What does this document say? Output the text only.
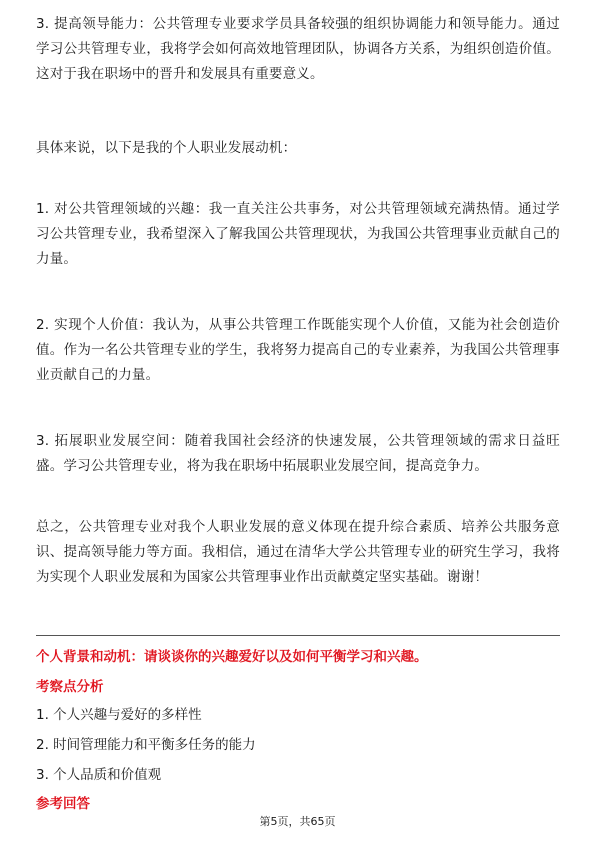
3. 提高领导能力：公共管理专业要求学员具备较强的组织协调能力和领导能力。通过学习公共管理专业，我将学会如何高效地管理团队，协调各方关系，为组织创造价值。这对于我在职场中的晋升和发展具有重要意义。

具体来说，以下是我的个人职业发展动机：

1. 对公共管理领域的兴趣：我一直关注公共事务，对公共管理领域充满热情。通过学习公共管理专业，我希望深入了解我国公共管理现状，为我国公共管理事业贡献自己的力量。

2. 实现个人价值：我认为，从事公共管理工作既能实现个人价值，又能为社会创造价值。作为一名公共管理专业的学生，我将努力提高自己的专业素养，为我国公共管理事业贡献自己的力量。

3. 拓展职业发展空间：随着我国社会经济的快速发展，公共管理领域的需求日益旺盛。学习公共管理专业，将为我在职场中拓展职业发展空间，提高竞争力。

总之，公共管理专业对我个人职业发展的意义体现在提升综合素质、培养公共服务意识、提高领导能力等方面。我相信，通过在清华大学公共管理专业的研究生学习，我将为实现个人职业发展和为国家公共管理事业作出贡献奠定坚实基础。谢谢！

个人背景和动机：请谈谈你的兴趣爱好以及如何平衡学习和兴趣。
考察点分析
1. 个人兴趣与爱好的多样性
2. 时间管理能力和平衡多任务的能力
3. 个人品质和价值观
参考回答
第5页，共65页
